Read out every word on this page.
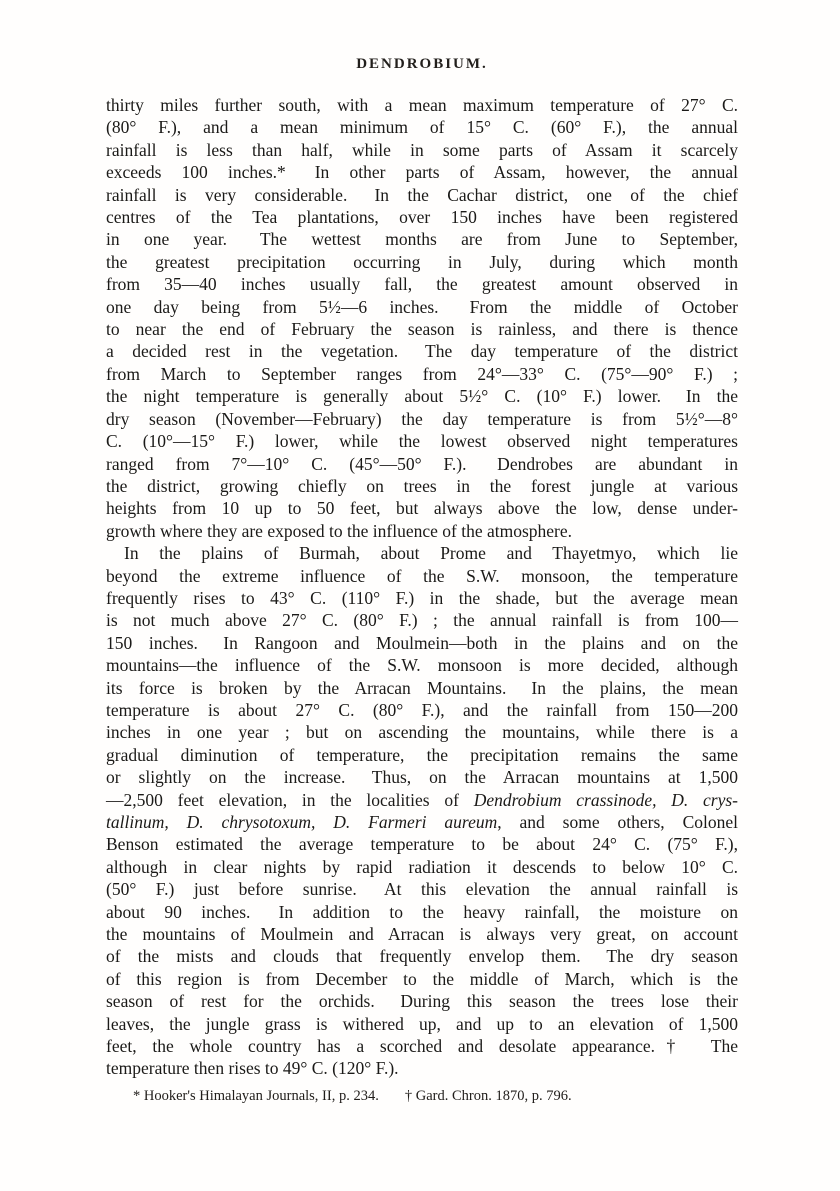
DENDROBIUM.
thirty miles further south, with a mean maximum temperature of 27° C.
(80° F.), and a mean minimum of 15° C. (60° F.), the annual
rainfall is less than half, while in some parts of Assam it scarcely
exceeds 100 inches.*  In other parts of Assam, however, the annual
rainfall is very considerable.  In the Cachar district, one of the chief
centres of the Tea plantations, over 150 inches have been registered
in one year.  The wettest months are from June to September,
the greatest precipitation occurring in July, during which month
from 35—40 inches usually fall, the greatest amount observed in
one day being from 5½—6 inches.  From the middle of October
to near the end of February the season is rainless, and there is thence
a decided rest in the vegetation.  The day temperature of the district
from March to September ranges from 24°—33° C. (75°—90° F.) ;
the night temperature is generally about 5½° C. (10° F.) lower.  In the
dry season (November—February) the day temperature is from 5½°—8°
C. (10°—15° F.) lower, while the lowest observed night temperatures
ranged from 7°—10° C. (45°—50° F.).  Dendrobes are abundant in
the district, growing chiefly on trees in the forest jungle at various
heights from 10 up to 50 feet, but always above the low, dense under-
growth where they are exposed to the influence of the atmosphere.
In the plains of Burmah, about Prome and Thayetmyo, which lie
beyond the extreme influence of the S.W. monsoon, the temperature
frequently rises to 43° C. (110° F.) in the shade, but the average mean
is not much above 27° C. (80° F.) ; the annual rainfall is from 100—
150 inches.  In Rangoon and Moulmein—both in the plains and on the
mountains—the influence of the S.W. monsoon is more decided, although
its force is broken by the Arracan Mountains.  In the plains, the mean
temperature is about 27° C. (80° F.), and the rainfall from 150—200
inches in one year ; but on ascending the mountains, while there is a
gradual diminution of temperature, the precipitation remains the same
or slightly on the increase.  Thus, on the Arracan mountains at 1,500
—2,500 feet elevation, in the localities of Dendrobium crassinode, D. crys-
tallinum, D. chrysotoxum, D. Farmeri aureum, and some others, Colonel
Benson estimated the average temperature to be about 24° C. (75° F.),
although in clear nights by rapid radiation it descends to below 10° C.
(50° F.) just before sunrise.  At this elevation the annual rainfall is
about 90 inches.  In addition to the heavy rainfall, the moisture on
the mountains of Moulmein and Arracan is always very great, on account
of the mists and clouds that frequently envelop them.  The dry season
of this region is from December to the middle of March, which is the
season of rest for the orchids.  During this season the trees lose their
leaves, the jungle grass is withered up, and up to an elevation of 1,500
feet, the whole country has a scorched and desolate appearance.†  The
temperature then rises to 49° C. (120° F.).
* Hooker's Himalayan Journals, II, p. 234. † Gard. Chron. 1870, p. 796.
